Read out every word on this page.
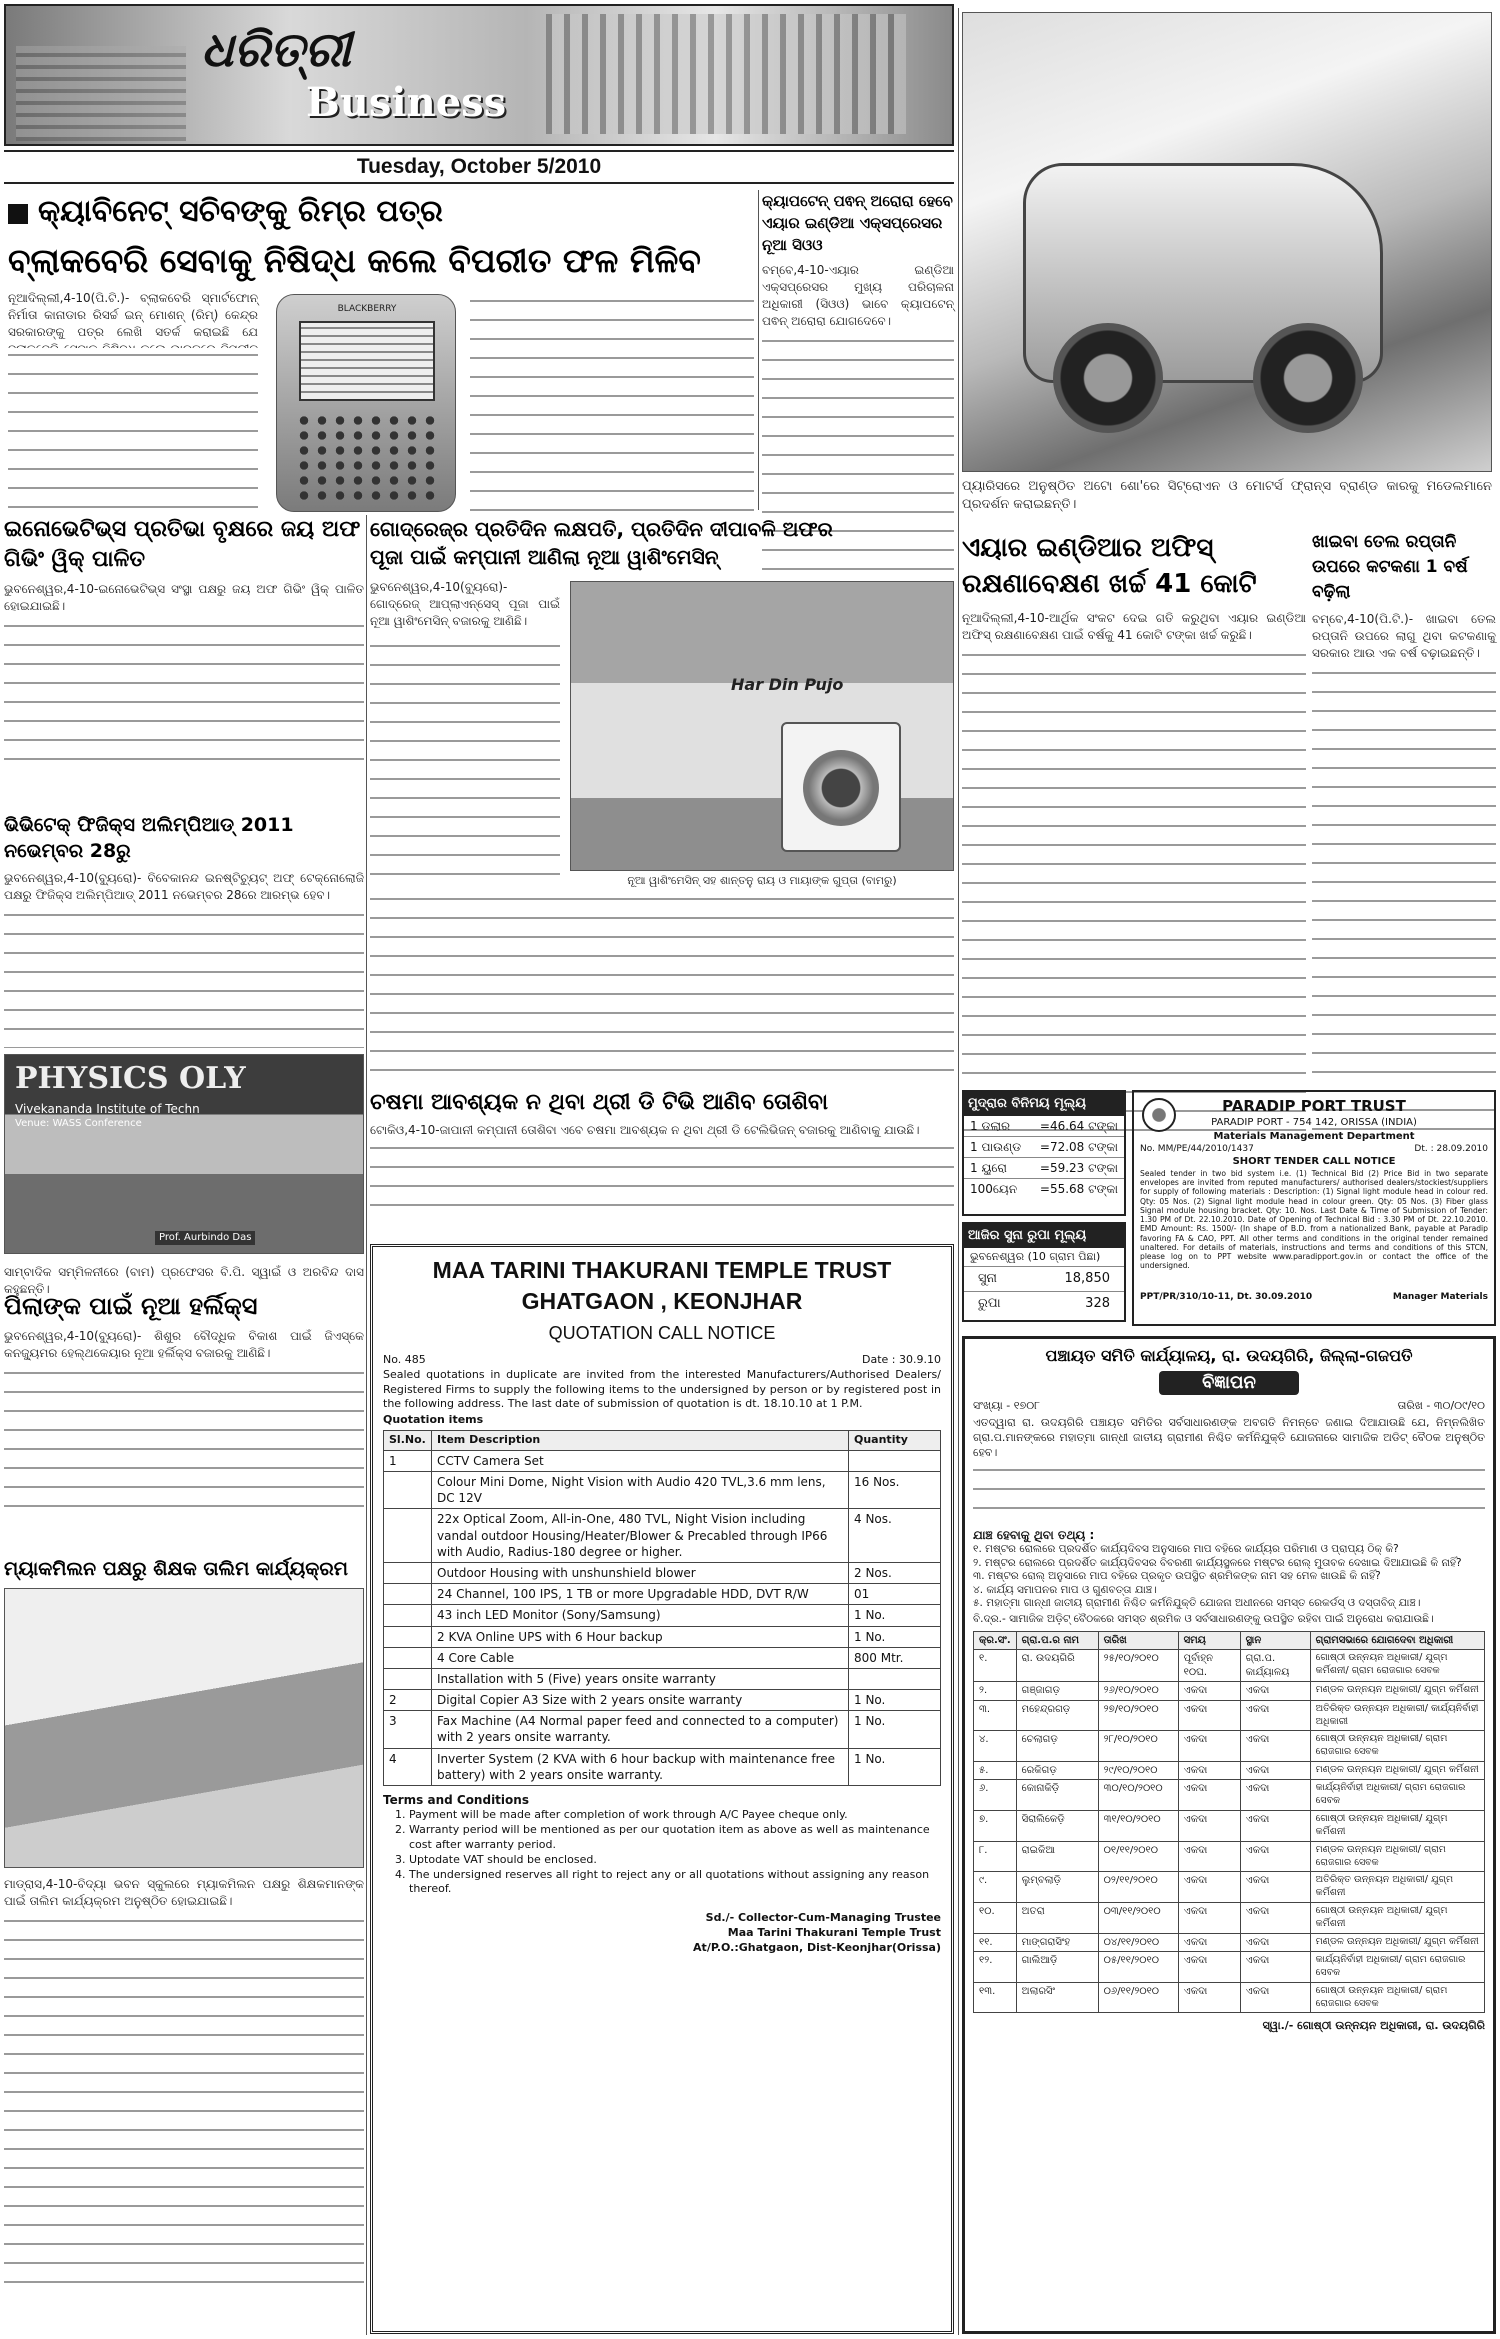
ଧରିତ୍ରୀ
Business
Tuesday, October 5/2010
ପ୍ୟାରିସରେ ଅନୁଷ୍ଠିତ ଅଟୋ ଶୋ'ରେ ସିଟ୍ରୋଏନ ଓ ମୋଟର୍ସ ଫ୍ରାନ୍ସ ବ୍ରାଣ୍ଡ କାରକୁ ମଡେଲମାନେ ପ୍ରଦର୍ଶନ କରାଇଛନ୍ତି।
କ୍ୟାବିନେଟ୍ ସଚିବଙ୍କୁ ରିମ୍‌ର ପତ୍ର
ବ୍ଲାକବେରି ସେବାକୁ ନିଷିଦ୍ଧ କଲେ ବିପରୀତ ଫଳ ମିଳିବ
ନୂଆଦିଲ୍ଲୀ,4-10(ପି.ଟି.)- ବ୍ଲାକବେରି ସ୍ମାର୍ଟଫୋନ୍ ନିର୍ମାତା କାନାଡାର ରିସର୍ଚ୍ଚ ଇନ୍ ମୋଶନ୍ (ରିମ୍) କେନ୍ଦ୍ର ସରକାରଙ୍କୁ ପତ୍ର ଲେଖି ସତର୍କ କରାଇଛି ଯେ
BLACKBERRY
କ୍ୟାପଟେନ୍ ପଵନ୍ ଅରୋରା ହେବେ ଏୟାର ଇଣ୍ଡିଆ ଏକ୍ସପ୍ରେସର ନୂଆ ସିଓଓ
ବମ୍ବେ,4-10-ଏୟାର ଇଣ୍ଡିଆ ଏକ୍ସପ୍ରେସର ମୁଖ୍ୟ ପରିଚାଳନା ଅଧିକାରୀ (ସିଓଓ) ଭାବେ କ୍ୟାପଟେନ୍ ପଵନ୍ ଅରୋରା ଯୋଗଦେବେ।
ଏୟାର ଇଣ୍ଡିଆର ଅଫିସ୍ ରକ୍ଷଣାବେକ୍ଷଣ ଖର୍ଚ୍ଚ 41 କୋଟି
ନୂଆଦିଲ୍ଲୀ,4-10-ଆର୍ଥିକ ସଂକଟ ଦେଇ ଗତି କରୁଥିବା ଏୟାର ଇଣ୍ଡିଆ ଅଫିସ୍ ରକ୍ଷଣାବେକ୍ଷଣ ପାଇଁ ବର୍ଷକୁ 41 କୋଟି ଟଙ୍କା ଖର୍ଚ୍ଚ କରୁଛି।
ଖାଇବା ତେଲ ରପ୍ତାନି ଉପରେ କଟକଣା 1 ବର୍ଷ ବଢ଼ିଲା
ବମ୍ବେ,4-10(ପି.ଟି.)- ଖାଇବା ତେଲ ରପ୍ତାନି ଉପରେ ଲାଗୁ ଥିବା କଟକଣାକୁ ସରକାର ଆଉ ଏକ ବର୍ଷ ବଢ଼ାଇଛନ୍ତି।
ଇନୋଭେଟିଭ୍‌ସ ପ୍ରତିଭା ବୃକ୍ଷରେ ଜୟ ଅଫ ଗିଭିଂ ୱିକ୍ ପାଳିତ
ଭୁବନେଶ୍ୱର,4-10-ଇନୋଭେଟିଭ୍‌ସ ସଂସ୍ଥା ପକ୍ଷରୁ ଜୟ ଅଫ ଗିଭିଂ ୱିକ୍ ପାଳିତ ହୋଇଯାଇଛି।
ଭିଭିଟେକ୍ ଫିଜିକ୍ସ ଅଲିମ୍ପିଆଡ୍ 2011 ନଭେମ୍ବର 28ରୁ
ଭୁବନେଶ୍ୱର,4-10(ବ୍ୟୁରୋ)- ବିବେକାନନ୍ଦ ଇନଷ୍ଟିଚ୍ୟୁଟ୍ ଅଫ୍ ଟେକ୍ନୋଲୋଜି ପକ୍ଷରୁ ଫିଜିକ୍ସ ଅଲିମ୍ପିଆଡ୍ 2011 ନଭେମ୍ବର 28ରେ ଆରମ୍ଭ ହେବ।
PHYSICS OLY
Vivekananda Institute of Techn
Venue: WASS Conference
Prof. Aurbindo Das
ସାମ୍ବାଦିକ ସମ୍ମିଳନୀରେ (ବାମ) ପ୍ରଫେସର ବି.ପି. ସ୍ୱାଇଁ ଓ ଅରବିନ୍ଦ ଦାସ କହୁଛନ୍ତି।
ଗୋଦ୍‌ରେଜ୍‌ର ପ୍ରତିଦିନ ଲକ୍ଷପତି, ପ୍ରତିଦିନ ଦୀପାବଳି ଅଫର
ପୂଜା ପାଇଁ କମ୍ପାନୀ ଆଣିଲା ନୂଆ ୱାଶିଂମେସିନ୍
ଭୁବନେଶ୍ୱର,4-10(ବ୍ୟୁରୋ)- ଗୋଦ୍‌ରେଜ୍ ଆପ୍ଲାଏନ୍ସେସ୍ ପୂଜା ପାଇଁ ନୂଆ ୱାଶିଂମେସିନ୍ ବଜାରକୁ ଆଣିଛି।
Har Din Pujo
ନୂଆ ୱାଶିଂମେସିନ୍ ସହ ଶାନ୍ତନୁ ରାୟ ଓ ମାୟାଙ୍କ ଗୁପ୍ତା (ବାମରୁ)
ମୁଦ୍ରାର ବିନିମୟ ମୂଲ୍ୟ
1 ଡଲାର =46.64 ଟଙ୍କା
1 ପାଉଣ୍ଡ =72.08 ଟଙ୍କା
1 ୟୁରୋ	=59.23 ଟଙ୍କା
100ୟେନ =55.68 ଟଙ୍କା
ଆଜିର ସୁନା ରୁପା ମୂଲ୍ୟ
ଭୁବନେଶ୍ୱର (10 ଗ୍ରାମ ପିଛା)
ସୁନା	18,850
ରୁପା	328
PARADIP PORT TRUST
PARADIP PORT - 754 142, ORISSA (INDIA)
Materials Management Department
No. MM/PE/44/2010/1437	Dt. : 28.09.2010
SHORT TENDER CALL NOTICE
Sealed tender in two bid system i.e. (1) Technical Bid (2) Price Bid in two separate envelopes are invited from reputed manufacturers/ authorised dealers/stockiest/suppliers for supply of following materials : Description: (1) Signal light module head in colour red. Qty: 05 Nos. (2) Signal light module head in colour green. Qty: 05 Nos. (3) Fiber glass Signal module housing bracket. Qty: 10. Nos. Last Date & Time of Submission of Tender: 1.30 PM of Dt. 22.10.2010. Date of Opening of Technical Bid : 3.30 PM of Dt. 22.10.2010. EMD Amount: Rs. 1500/- (In shape of B.D. from a nationalized Bank, payable at Paradip favoring FA & CAO, PPT. All other terms and conditions in the original tender remained unaltered. For details of materials, instructions and terms and conditions of this STCN, please log on to PPT website www.paradipport.gov.in or contact the office of the undersigned.
PPT/PR/310/10-11, Dt. 30.09.2010	Manager Materials
ଚଷମା ଆବଶ୍ୟକ ନ ଥିବା ଥ୍ରୀ ଡି ଟିଭି ଆଣିବ ତୋଶିବା
ଟୋକିଓ,4-10-ଜାପାନୀ କମ୍ପାନୀ ତୋଶିବା ଏବେ ଚଷମା ଆବଶ୍ୟକ ନ ଥିବା ଥ୍ରୀ ଡି ଟେଲିଭିଜନ୍ ବଜାରକୁ ଆଣିବାକୁ ଯାଉଛି।
ପିଲାଙ୍କ ପାଇଁ ନୂଆ ହର୍ଲିକ୍ସ
ଭୁବନେଶ୍ୱର,4-10(ବ୍ୟୁରୋ)- ଶିଶୁର ବୌଦ୍ଧିକ ବିକାଶ ପାଇଁ ଜିଏସ୍‌କେ କନଜ୍ୟୁମର ହେଲ୍ଥକେୟାର ନୂଆ ହର୍ଲିକ୍ସ ବଜାରକୁ ଆଣିଛି।
ମ୍ୟାକମିଲନ ପକ୍ଷରୁ ଶିକ୍ଷକ ତାଲିମ କାର୍ଯ୍ୟକ୍ରମ
ମାଡ୍ରାସ,4-10-ବିଦ୍ୟା ଭବନ ସ୍କୁଲରେ ମ୍ୟାକମିଲନ ପକ୍ଷରୁ ଶିକ୍ଷକମାନଙ୍କ ପାଇଁ ତାଲିମ କାର୍ଯ୍ୟକ୍ରମ ଅନୁଷ୍ଠିତ ହୋଇଯାଇଛି।
MAA TARINI THAKURANI TEMPLE TRUST
GHATGAON , KEONJHAR
QUOTATION CALL NOTICE
No. 485	Date : 30.9.10
Sealed quotations in duplicate are invited from the interested Manufacturers/Authorised Dealers/ Registered Firms to supply the following items to the undersigned by person or by registered post in the following address. The last date of submission of quotation is dt. 18.10.10 at 1 P.M.
Quotation items
Sl.No.	Item Description	Quantity
1	CCTV Camera Set	
	Colour Mini Dome, Night Vision with Audio 420 TVL,3.6 mm lens, DC 12V	16 Nos.
	22x Optical Zoom, All-in-One, 480 TVL, Night Vision including vandal outdoor Housing/Heater/Blower & Precabled through IP66 with Audio, Radius-180 degree or higher.	4 Nos.
	Outdoor Housing with unshunshield blower	2 Nos.
	24 Channel, 100 IPS, 1 TB or more Upgradable HDD, DVT R/W	01
	43 inch LED Monitor (Sony/Samsung)	1 No.
	2 KVA Online UPS with 6 Hour backup	1 No.
	4 Core Cable	800 Mtr.
	Installation with 5 (Five) years onsite warranty	
2	Digital Copier A3 Size with 2 years onsite warranty	1 No.
3	Fax Machine (A4 Normal paper feed and connected to a computer) with 2 years onsite warranty.	1 No.
4	Inverter System (2 KVA with 6 hour backup with maintenance free battery) with 2 years onsite warranty.	1 No.
Terms and Conditions
1. Payment will be made after completion of work through A/C Payee cheque only.
2. Warranty period will be mentioned as per our quotation item as above as well as maintenance cost after warranty period.
3. Uptodate VAT should be enclosed.
4. The undersigned reserves all right to reject any or all quotations without assigning any reason thereof.
Sd./- Collector-Cum-Managing Trustee
Maa Tarini Thakurani Temple Trust
At/P.O.:Ghatgaon, Dist-Keonjhar(Orissa)
ପଞ୍ଚାୟତ ସମିତି କାର୍ଯ୍ୟାଳୟ, ରା. ଉଦୟଗିରି, ଜିଲ୍ଲା-ଗଜପତି
ବିଜ୍ଞାପନ
ସଂଖ୍ୟା - ୧୭୦୮	ତାରିଖ - ୩୦/୦୯/୧୦
ଏତଦ୍ୱାରା ରା. ଉଦୟଗିରି ପଞ୍ଚାୟତ ସମିତିର ସର୍ବସାଧାରଣଙ୍କ ଅବଗତି ନିମନ୍ତେ ଜଣାଇ ଦିଆଯାଉଛି ଯେ, ନିମ୍ନଲିଖିତ ଗ୍ରା.ପ.ମାନଙ୍କରେ ମହାତ୍ମା ଗାନ୍ଧୀ ଜାତୀୟ ଗ୍ରାମୀଣ ନିଶ୍ଚିତ କର୍ମନିଯୁକ୍ତି ଯୋଜନାରେ ସାମାଜିକ ଅଡିଟ୍ ବୈଠକ ଅନୁଷ୍ଠିତ ହେବ।
ଯାଞ୍ଚ ହେବାକୁ ଥିବା ତଥ୍ୟ :
୧. ମଷ୍ଟର ରୋଲରେ ପ୍ରଦର୍ଶିତ କାର୍ଯ୍ୟଦିବସ ଅନୁସାରେ ମାପ ବହିରେ କାର୍ଯ୍ୟର ପରିମାଣ ଓ ପ୍ରାପ୍ୟ ଠିକ୍ କି?
୨. ମଷ୍ଟର ରୋଲରେ ପ୍ରଦର୍ଶିତ କାର୍ଯ୍ୟଦିବସର ବିବରଣୀ କାର୍ଯ୍ୟସ୍ଥଳରେ ମଷ୍ଟର ରୋଲ୍ ମୁତାବକ ଦେଖାଇ ଦିଆଯାଇଛି କି ନାହିଁ?
୩. ମଷ୍ଟର ରୋଲ୍ ଅନୁସାରେ ମାପ ବହିରେ ପ୍ରକୃତ ଉପସ୍ଥିତ ଶ୍ରମିକଙ୍କ ନାମ ସହ ମେଳ ଖାଉଛି କି ନାହିଁ?
୪. କାର୍ଯ୍ୟ ସମାପନର ମାପ ଓ ଗୁଣବତ୍ତା ଯାଞ୍ଚ।
୫. ମହାତ୍ମା ଗାନ୍ଧୀ ଜାତୀୟ ଗ୍ରାମୀଣ ନିଶ୍ଚିତ କର୍ମନିଯୁକ୍ତି ଯୋଜନା ଅଧୀନରେ ସମସ୍ତ ରେକର୍ଡସ୍ ଓ ଦସ୍ତାବିଜ୍ ଯାଞ୍ଚ।
ବି.ଦ୍ର.- ସାମାଜିକ ଅଡ଼ିଟ୍ ବୈଠକରେ ସମସ୍ତ ଶ୍ରମିକ ଓ ସର୍ବସାଧାରଣଙ୍କୁ ଉପସ୍ଥିତ ରହିବା ପାଇଁ ଅନୁରୋଧ କରାଯାଉଛି।
କ୍ର.ସଂ.	ଗ୍ରା.ପ.ର ନାମ	ତାରିଖ	ସମୟ	ସ୍ଥାନ	ଗ୍ରାମସଭାରେ ଯୋଗଦେବା ଅଧିକାରୀ
୧.	ରା. ଉଦୟଗିରି	୨୫/୧୦/୨୦୧୦	ପୂର୍ବାହ୍ନ ୧୦ଘ.	ଗ୍ରା.ପ. କାର୍ଯ୍ୟାଳୟ	ଗୋଷ୍ଠୀ ଉନ୍ନୟନ ଅଧିକାରୀ/ ଯୁଗ୍ମ କର୍ମିଶନୀ/ ଗ୍ରାମ ରୋଜଗାର ସେବକ
୨.	ଗଞ୍ଜାଗଡ଼	୨୬/୧୦/୨୦୧୦	ଏକଦା	ଏକଦା	ମଣ୍ଡଳ ଉନ୍ନୟନ ଅଧିକାରୀ/ ଯୁଗ୍ମ କର୍ମିଶନୀ
୩.	ମହେନ୍ଦ୍ରଗଡ଼	୨୭/୧୦/୨୦୧୦	ଏକଦା	ଏକଦା	ଅତିରିକ୍ତ ଉନ୍ନୟନ ଅଧିକାରୀ/ କାର୍ଯ୍ୟନିର୍ବାହୀ ଅଧିକାରୀ
୪.	ଚେଲାଗଡ଼	୨୮/୧୦/୨୦୧୦	ଏକଦା	ଏକଦା	ଗୋଷ୍ଠୀ ଉନ୍ନୟନ ଅଧିକାରୀ/ ଗ୍ରାମ ରୋଜଗାର ସେବକ
୫.	ରେକିଗଡ଼	୨୯/୧୦/୨୦୧୦	ଏକଦା	ଏକଦା	ମଣ୍ଡଳ ଉନ୍ନୟନ ଅଧିକାରୀ/ ଯୁଗ୍ମ କର୍ମିଶନୀ
୬.	କୋନାକିଡ଼ି	୩୦/୧୦/୨୦୧୦	ଏକଦା	ଏକଦା	କାର୍ଯ୍ୟନିର୍ବାହୀ ଅଧିକାରୀ/ ଗ୍ରାମ ରୋଜଗାର ସେବକ
୭.	ସିରାଲିକେଡ଼ି	୩୧/୧୦/୨୦୧୦	ଏକଦା	ଏକଦା	ଗୋଷ୍ଠୀ ଉନ୍ନୟନ ଅଧିକାରୀ/ ଯୁଗ୍ମ କର୍ମିଶନୀ
୮.	ରାଇକିଆ	୦୧/୧୧/୨୦୧୦	ଏକଦା	ଏକଦା	ମଣ୍ଡଳ ଉନ୍ନୟନ ଅଧିକାରୀ/ ଗ୍ରାମ ରୋଜଗାର ସେବକ
୯.	ଲୁମ୍ବଲାଡ଼ି	୦୨/୧୧/୨୦୧୦	ଏକଦା	ଏକଦା	ଅତିରିକ୍ତ ଉନ୍ନୟନ ଅଧିକାରୀ/ ଯୁଗ୍ମ କର୍ମିଶନୀ
୧୦.	ଅତରା	୦୩/୧୧/୨୦୧୦	ଏକଦା	ଏକଦା	ଗୋଷ୍ଠୀ ଉନ୍ନୟନ ଅଧିକାରୀ/ ଯୁଗ୍ମ କର୍ମିଶନୀ
୧୧.	ମାଙ୍ଗରାସିଂହ	୦୪/୧୧/୨୦୧୦	ଏକଦା	ଏକଦା	ମଣ୍ଡଳ ଉନ୍ନୟନ ଅଧିକାରୀ/ ଯୁଗ୍ମ କର୍ମିଶନୀ
୧୨.	ଗାଲିଆଡ଼ି	୦୫/୧୧/୨୦୧୦	ଏକଦା	ଏକଦା	କାର୍ଯ୍ୟନିର୍ବାହୀ ଅଧିକାରୀ/ ଗ୍ରାମ ରୋଜଗାର ସେବକ
୧୩.	ଅଲାରସିଂ	୦୬/୧୧/୨୦୧୦	ଏକଦା	ଏକଦା	ଗୋଷ୍ଠୀ ଉନ୍ନୟନ ଅଧିକାରୀ/ ଗ୍ରାମ ରୋଜଗାର ସେବକ
ସ୍ୱା./- ଗୋଷ୍ଠୀ ଉନ୍ନୟନ ଅଧିକାରୀ, ରା. ଉଦୟଗିରି
